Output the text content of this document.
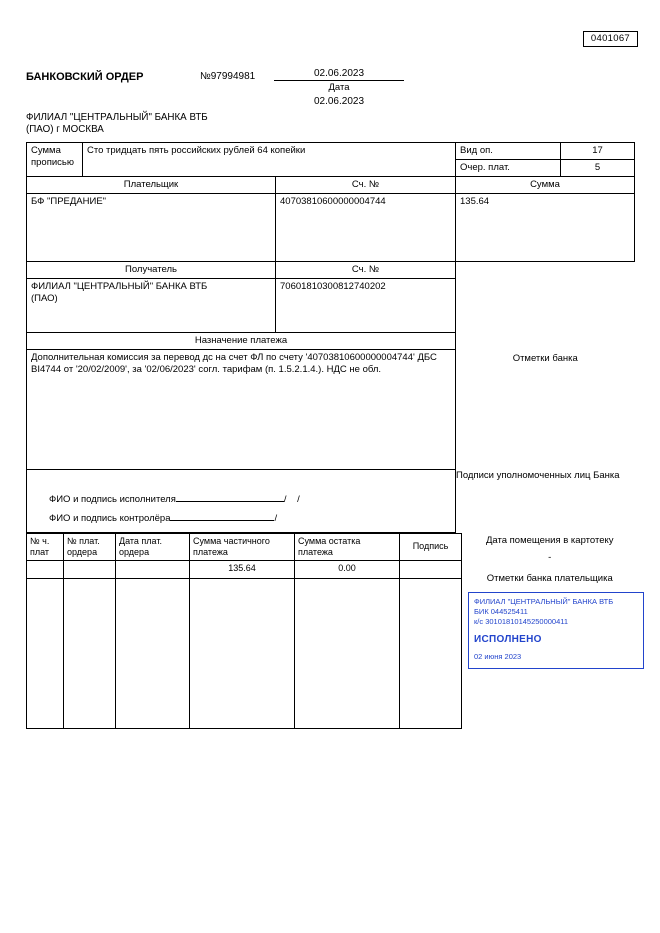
0401067
БАНКОВСКИЙ ОРДЕР	№97994981	02.06.2023
Дата
02.06.2023
ФИЛИАЛ "ЦЕНТРАЛЬНЫЙ" БАНКА ВТБ
(ПАО) г МОСКВА
Сумма
прописью	Сто тридцать пять российских рублей 64 копейки		Вид оп.	17
			Очер. плат.	5
Плательщик		Сч. №	Сумма	
БФ "ПРЕДАНИЕ"		40703810600000004744	135.64	
Получатель		Сч. №		

ФИЛИАЛ "ЦЕНТРАЛЬНЫЙ" БАНКА ВТБ
(ПАО)		70601810300812740202		
Назначение платежа				
Дополнительная комиссия за перевод дс на счет ФЛ по счету '40703810600000004744' ДБС BI4744 от '20/02/2009', за '02/06/2023' согл. тарифам (п. 1.5.2.1.4.). НДС не обл.			Отметки банка	

			Подписи уполномоченных лиц Банка	

ФИО и подпись исполнителя / /
ФИО и подпись контролёра /				

№ ч. плат	№ плат. ордера	Дата плат. ордера	Сумма частичного платежа	Сумма остатка платежа	Подпись	Дата помещения в картотеку
-
Отметки банка плательщика
ФИЛИАЛ "ЦЕНТРАЛЬНЫЙ" БАНКА ВТБ
БИК 044525411
к/с 30101810145250000411
ИСПОЛНЕНО
02 июня 2023

			135.64	0.00		
